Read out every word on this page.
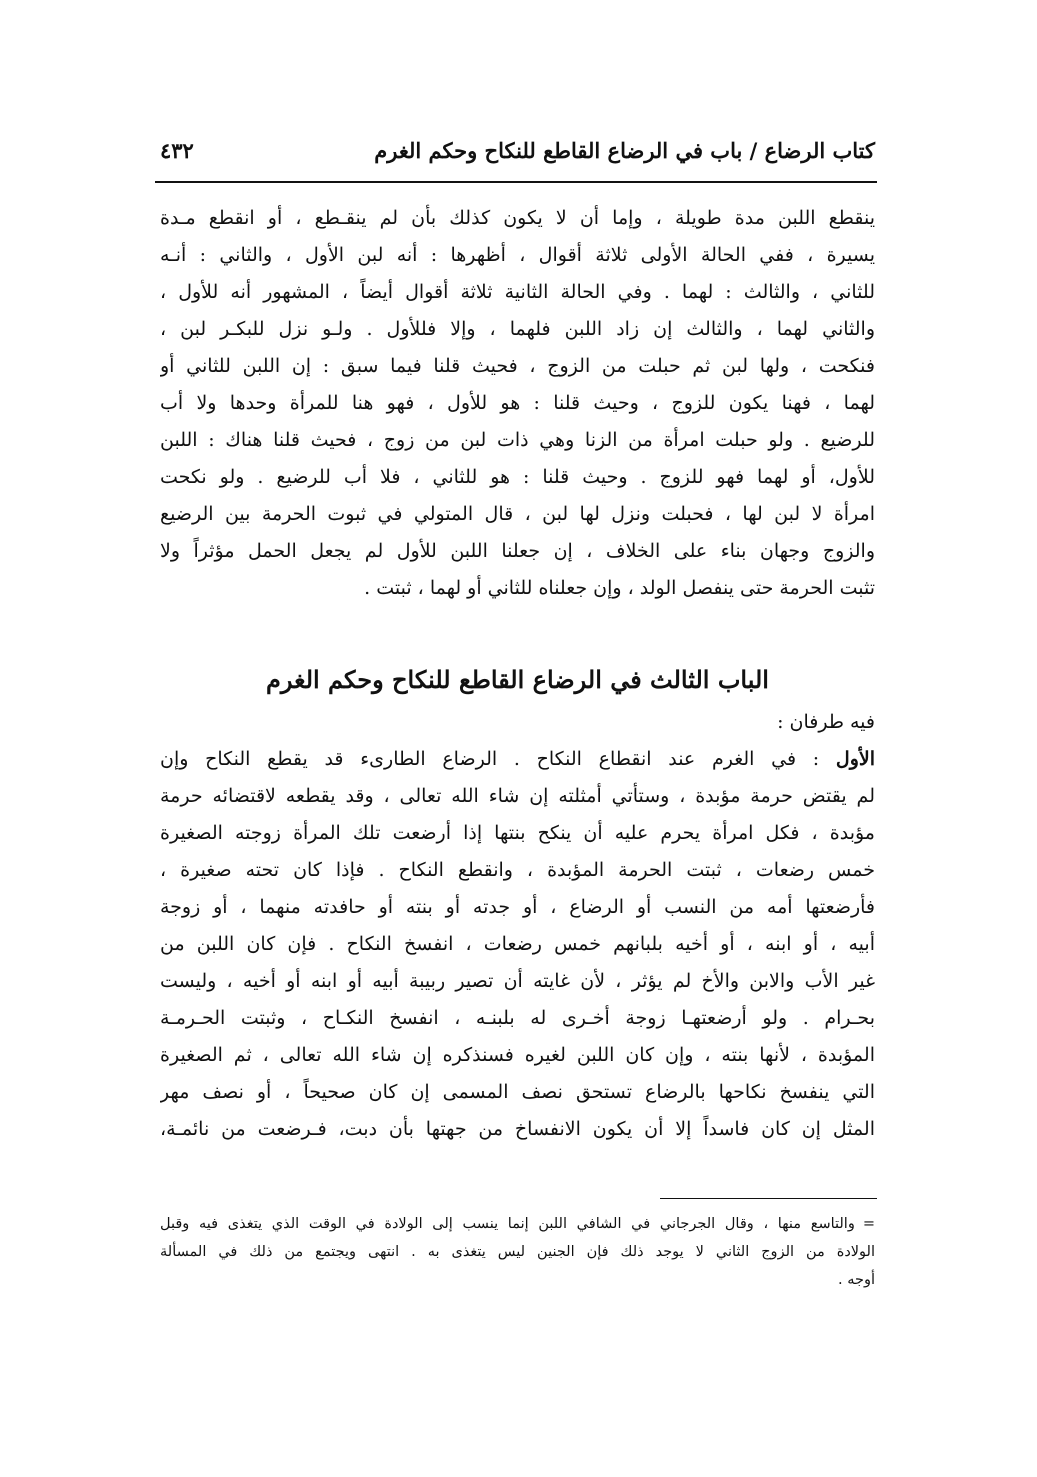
كتاب الرضاع / باب في الرضاع القاطع للنكاح وحكم الغرم
٤٣٢
ينقطع اللبن مدة طويلة ، وإما أن لا يكون كذلك بأن لم ينقـطع ، أو انقطع مـدة
يسيرة ، ففي الحالة الأولى ثلاثة أقوال ، أظهرها : أنه لبن الأول ، والثاني : أنـه
للثاني ، والثالث : لهما . وفي الحالة الثانية ثلاثة أقوال أيضاً ، المشهور أنه للأول ،
والثاني لهما ، والثالث إن زاد اللبن فلهما ، وإلا فللأول . ولـو نزل للبكـر لبن ،
فنكحت ، ولها لبن ثم حبلت من الزوج ، فحيث قلنا فيما سبق : إن اللبن للثاني أو
لهما ، فهنا يكون للزوج ، وحيث قلنا : هو للأول ، فهو هنا للمرأة وحدها ولا أب
للرضيع . ولو حبلت امرأة من الزنا وهي ذات لبن من زوج ، فحيث قلنا هناك : اللبن
للأول، أو لهما فهو للزوج . وحيث قلنا : هو للثاني ، فلا أب للرضيع . ولو نكحت
امرأة لا لبن لها ، فحبلت ونزل لها لبن ، قال المتولي في ثبوت الحرمة بين الرضيع
والزوج وجهان بناء على الخلاف ، إن جعلنا اللبن للأول لم يجعل الحمل مؤثراً ولا
تثبت الحرمة حتى ينفصل الولد ، وإن جعلناه للثاني أو لهما ، ثبتت .
الباب الثالث في الرضاع القاطع للنكاح وحكم الغرم
فيه طرفان :
الأول : في الغرم عند انقطاع النكاح . الرضاع الطارىء قد يقطع النكاح وإن
لم يقتض حرمة مؤبدة ، وستأتي أمثلته إن شاء الله تعالى ، وقد يقطعه لاقتضائه حرمة
مؤبدة ، فكل امرأة يحرم عليه أن ينكح بنتها إذا أرضعت تلك المرأة زوجته الصغيرة
خمس رضعات ، ثبتت الحرمة المؤبدة ، وانقطع النكاح . فإذا كان تحته صغيرة ،
فأرضعتها أمه من النسب أو الرضاع ، أو جدته أو بنته أو حافدته منهما ، أو زوجة
أبيه ، أو ابنه ، أو أخيه بلبانهم خمس رضعات ، انفسخ النكاح . فإن كان اللبن من
غير الأب والابن والأخ لم يؤثر ، لأن غايته أن تصير ربيبة أبيه أو ابنه أو أخيه ، وليست
بحـرام . ولو أرضعتهـا زوجة أخـرى له بلبنـه ، انفسخ النكـاح ، وثبتت الحـرمـة
المؤبدة ، لأنها بنته ، وإن كان اللبن لغيره فسنذكره إن شاء الله تعالى ، ثم الصغيرة
التي ينفسخ نكاحها بالرضاع تستحق نصف المسمى إن كان صحيحاً ، أو نصف مهر
المثل إن كان فاسداً إلا أن يكون الانفساخ من جهتها بأن دبت، فـرضعت من نائمـة،
=والتاسع منها ، وقال الجرجاني في الشافي اللبن إنما ينسب إلى الولادة في الوقت الذي يتغذى فيه وقبل
الولادة من الزوج الثاني لا يوجد ذلك فإن الجنين ليس يتغذى به . انتهى ويجتمع من ذلك في المسألة
أوجه .
